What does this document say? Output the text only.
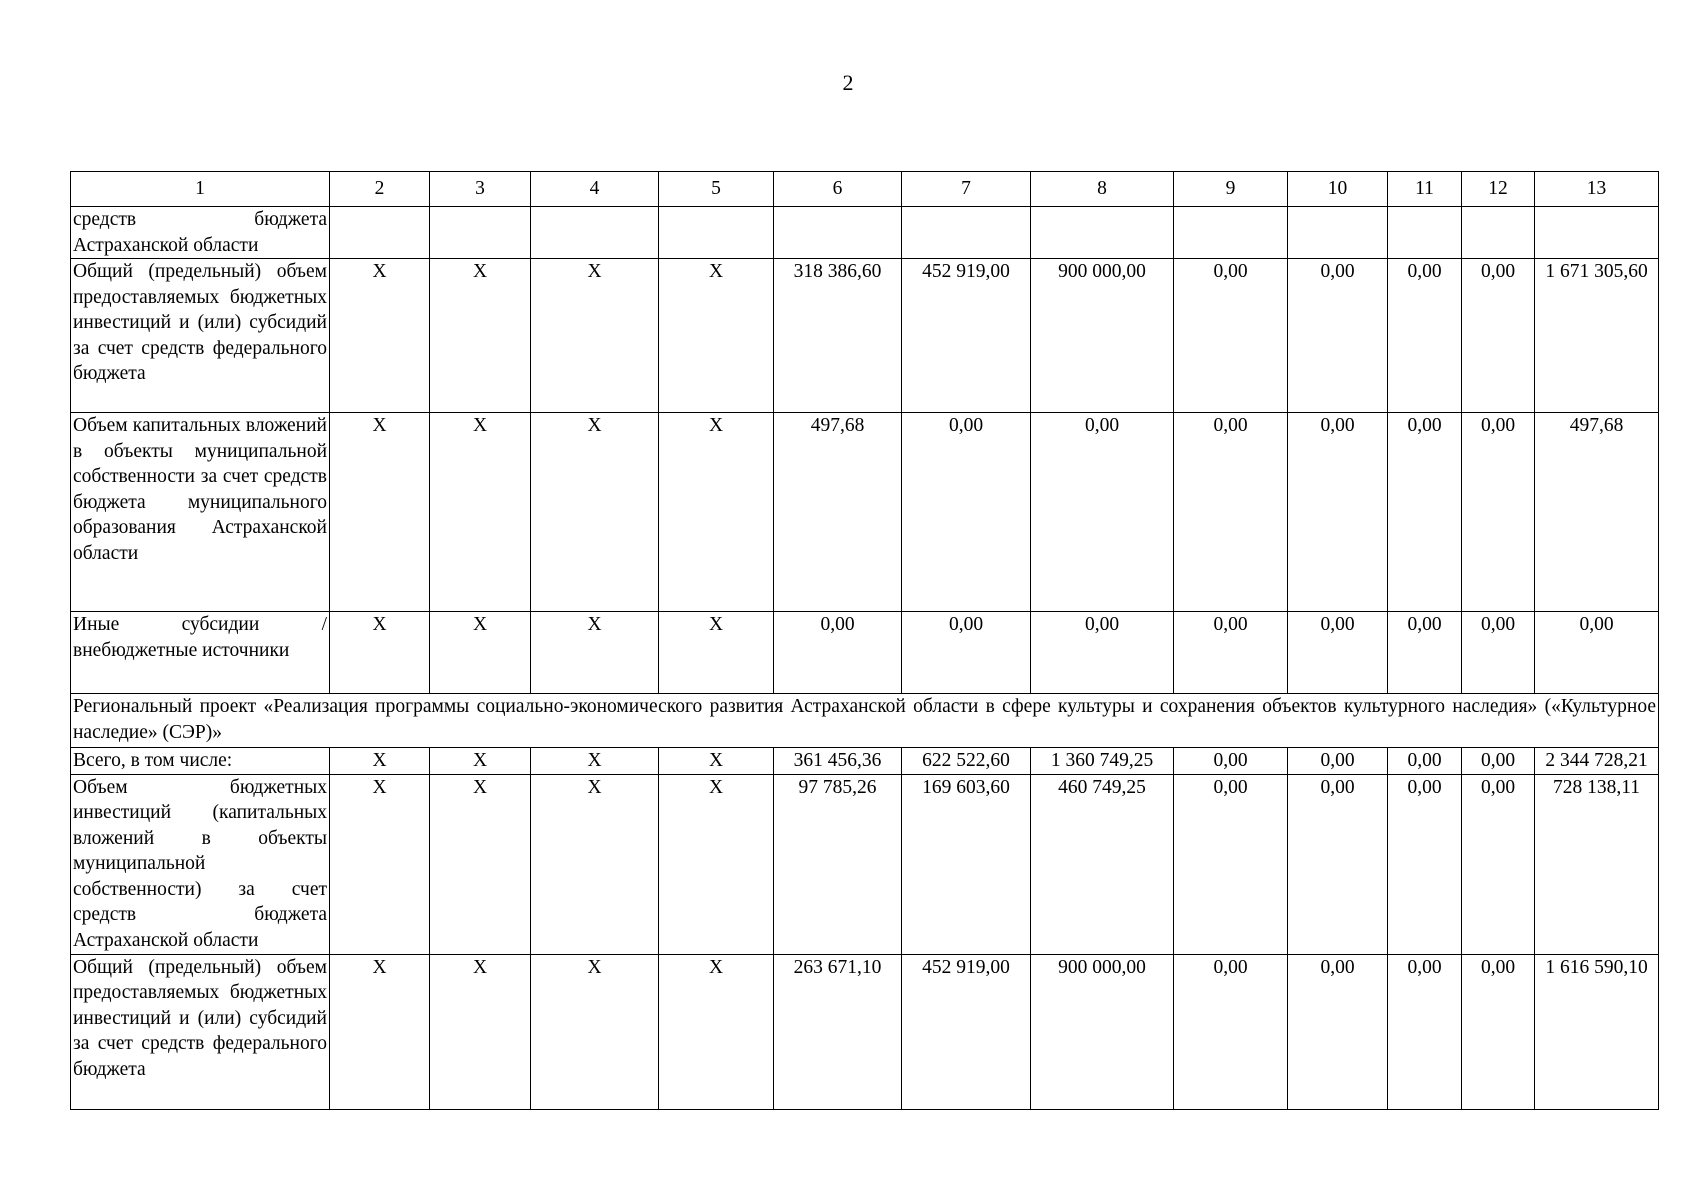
2
1	2	3	4	5	6	7	8	9	10	11	12	13
средств бюджета Астраханской области												
Общий (предельный) объем предоставляемых бюджетных инвестиций и (или) субсидий за счет средств федерального бюджета	Х	Х	Х	Х	318 386,60	452 919,00	900 000,00	0,00	0,00	0,00	0,00	1 671 305,60
Объем капитальных вложений в объекты муниципальной собственности за счет средств бюджета муниципального образования Астраханской области	Х	Х	Х	Х	497,68	0,00	0,00	0,00	0,00	0,00	0,00	497,68
Иные субсидии / внебюджетные источники	Х	Х	Х	Х	0,00	0,00	0,00	0,00	0,00	0,00	0,00	0,00
Региональный проект «Реализация программы социально-экономического развития Астраханской области в сфере культуры и сохранения объектов культурного наследия» («Культурное наследие» (СЭР)»												
Всего, в том числе:	Х	Х	Х	Х	361 456,36	622 522,60	1 360 749,25	0,00	0,00	0,00	0,00	2 344 728,21
Объем бюджетных инвестиций (капитальных вложений в объекты муниципальной собственности) за счет средств бюджета Астраханской области	Х	Х	Х	Х	97 785,26	169 603,60	460 749,25	0,00	0,00	0,00	0,00	728 138,11
Общий (предельный) объем предоставляемых бюджетных инвестиций и (или) субсидий за счет средств федерального бюджета	Х	Х	Х	Х	263 671,10	452 919,00	900 000,00	0,00	0,00	0,00	0,00	1 616 590,10
